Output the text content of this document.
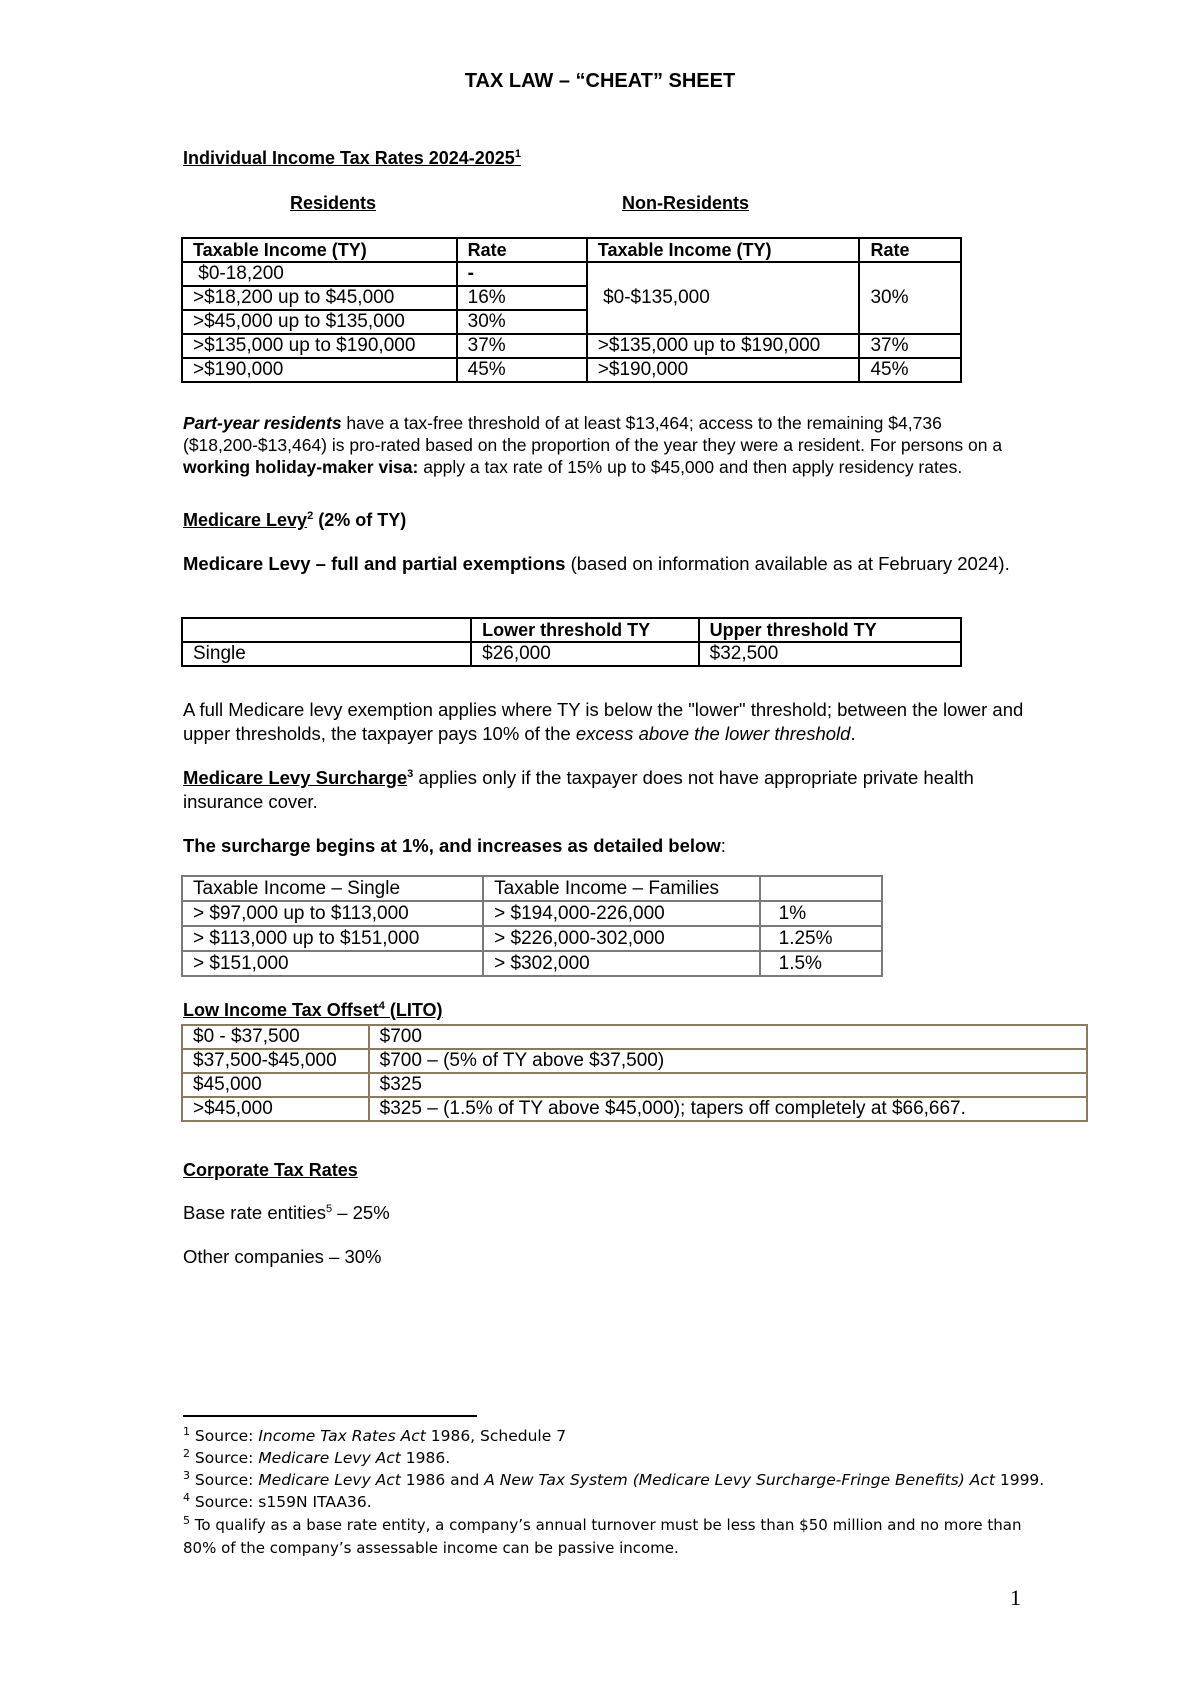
TAX LAW – “CHEAT” SHEET
Individual Income Tax Rates 2024-2025$^1$
Residents	Non-Residents
Taxable Income (TY)	Rate	Taxable Income (TY)	Rate
$0-18,200	-	$0-$135,000	30%
>$18,200 up to $45,000	16%		
>$45,000 up to $135,000	30%		
>$135,000 up to $190,000	37%	>$135,000 up to $190,000	37%
>$190,000	45%	>$190,000	45%
Part-year residents have a tax-free threshold of at least $13,464; access to the remaining $4,736 ($18,200-$13,464) is pro-rated based on the proportion of the year they were a resident. For persons on a working holiday-maker visa: apply a tax rate of 15% up to $45,000 and then apply residency rates.
Medicare Levy$^2$ (2% of TY)
Medicare Levy – full and partial exemptions (based on information available as at February 2024).
	Lower threshold TY	Upper threshold TY
Single	$26,000	$32,500
A full Medicare levy exemption applies where TY is below the "lower" threshold; between the lower and upper thresholds, the taxpayer pays 10% of the excess above the lower threshold.
Medicare Levy Surcharge$^3$ applies only if the taxpayer does not have appropriate private health insurance cover.
The surcharge begins at 1%, and increases as detailed below:
Taxable Income – Single	Taxable Income – Families	
> $97,000 up to $113,000	> $194,000-226,000	1%
> $113,000 up to $151,000	> $226,000-302,000	1.25%
> $151,000	> $302,000	1.5%
Low Income Tax Offset$^4$ (LITO)
$0 - $37,500	$700
$37,500-$45,000	$700 – (5% of TY above $37,500)
$45,000	$325
>$45,000	$325 – (1.5% of TY above $45,000); tapers off completely at $66,667.
Corporate Tax Rates
Base rate entities$^5$ – 25%
Other companies – 30%
$^1$ Source: Income Tax Rates Act 1986, Schedule 7
$^2$ Source: Medicare Levy Act 1986.
$^3$ Source: Medicare Levy Act 1986 and A New Tax System (Medicare Levy Surcharge-Fringe Benefits) Act 1999.
$^4$ Source: s159N ITAA36.
$^5$ To qualify as a base rate entity, a company’s annual turnover must be less than $50 million and no more than
80% of the company’s assessable income can be passive income.
1
